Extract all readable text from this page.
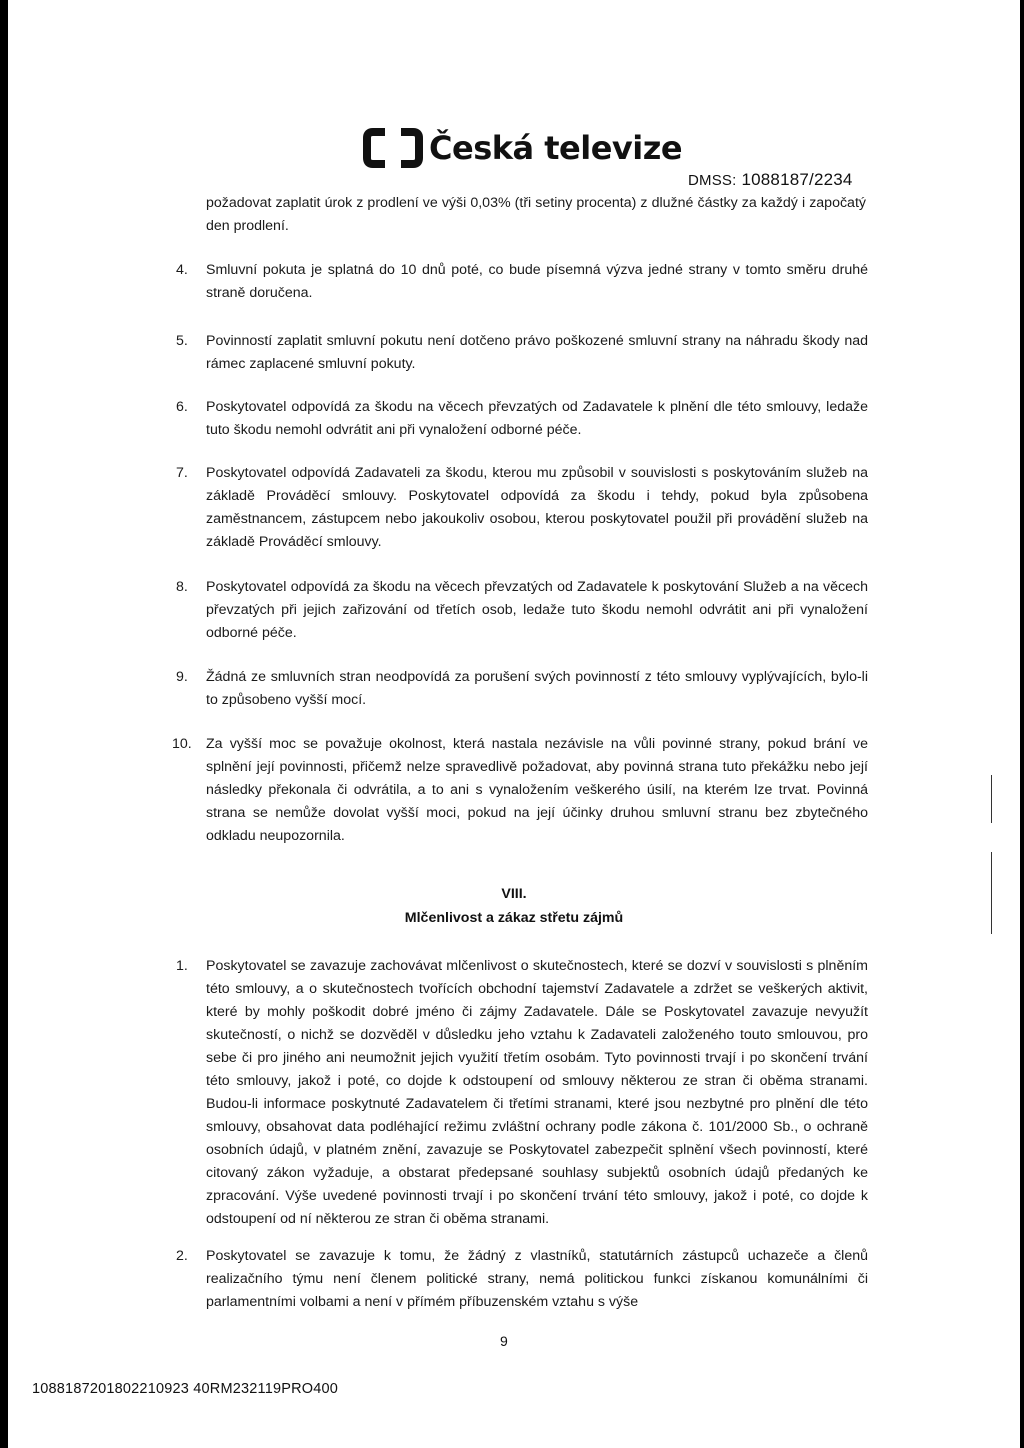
Česká televize
DMSS: 1088187/2234
požadovat zaplatit úrok z prodlení ve výši 0,03% (tři setiny procenta) z dlužné částky za každý i započatý den prodlení.
4. Smluvní pokuta je splatná do 10 dnů poté, co bude písemná výzva jedné strany v tomto směru druhé straně doručena.
5. Povinností zaplatit smluvní pokutu není dotčeno právo poškozené smluvní strany na náhradu škody nad rámec zaplacené smluvní pokuty.
6. Poskytovatel odpovídá za škodu na věcech převzatých od Zadavatele k plnění dle této smlouvy, ledaže tuto škodu nemohl odvrátit ani při vynaložení odborné péče.
7. Poskytovatel odpovídá Zadavateli za škodu, kterou mu způsobil v souvislosti s poskytováním služeb na základě Prováděcí smlouvy. Poskytovatel odpovídá za škodu i tehdy, pokud byla způsobena zaměstnancem, zástupcem nebo jakoukoliv osobou, kterou poskytovatel použil při provádění služeb na základě Prováděcí smlouvy.
8. Poskytovatel odpovídá za škodu na věcech převzatých od Zadavatele k poskytování Služeb a na věcech převzatých při jejich zařizování od třetích osob, ledaže tuto škodu nemohl odvrátit ani při vynaložení odborné péče.
9. Žádná ze smluvních stran neodpovídá za porušení svých povinností z této smlouvy vyplývajících, bylo-li to způsobeno vyšší mocí.
10. Za vyšší moc se považuje okolnost, která nastala nezávisle na vůli povinné strany, pokud brání ve splnění její povinnosti, přičemž nelze spravedlivě požadovat, aby povinná strana tuto překážku nebo její následky překonala či odvrátila, a to ani s vynaložením veškerého úsilí, na kterém lze trvat. Povinná strana se nemůže dovolat vyšší moci, pokud na její účinky druhou smluvní stranu bez zbytečného odkladu neupozornila.
VIII.
Mlčenlivost a zákaz střetu zájmů
1. Poskytovatel se zavazuje zachovávat mlčenlivost o skutečnostech, které se dozví v souvislosti s plněním této smlouvy, a o skutečnostech tvořících obchodní tajemství Zadavatele a zdržet se veškerých aktivit, které by mohly poškodit dobré jméno či zájmy Zadavatele. Dále se Poskytovatel zavazuje nevyužít skutečností, o nichž se dozvěděl v důsledku jeho vztahu k Zadavateli založeného touto smlouvou, pro sebe či pro jiného ani neumožnit jejich využití třetím osobám. Tyto povinnosti trvají i po skončení trvání této smlouvy, jakož i poté, co dojde k odstoupení od smlouvy některou ze stran či oběma stranami. Budou-li informace poskytnuté Zadavatelem či třetími stranami, které jsou nezbytné pro plnění dle této smlouvy, obsahovat data podléhající režimu zvláštní ochrany podle zákona č. 101/2000 Sb., o ochraně osobních údajů, v platném znění, zavazuje se Poskytovatel zabezpečit splnění všech povinností, které citovaný zákon vyžaduje, a obstarat předepsané souhlasy subjektů osobních údajů předaných ke zpracování. Výše uvedené povinnosti trvají i po skončení trvání této smlouvy, jakož i poté, co dojde k odstoupení od ní některou ze stran či oběma stranami.
2. Poskytovatel se zavazuje k tomu, že žádný z vlastníků, statutárních zástupců uchazeče a členů realizačního týmu není členem politické strany, nemá politickou funkci získanou komunálními či parlamentními volbami a není v přímém příbuzenském vztahu s výše
9
1088187201802210923 40RM232119PRO400
